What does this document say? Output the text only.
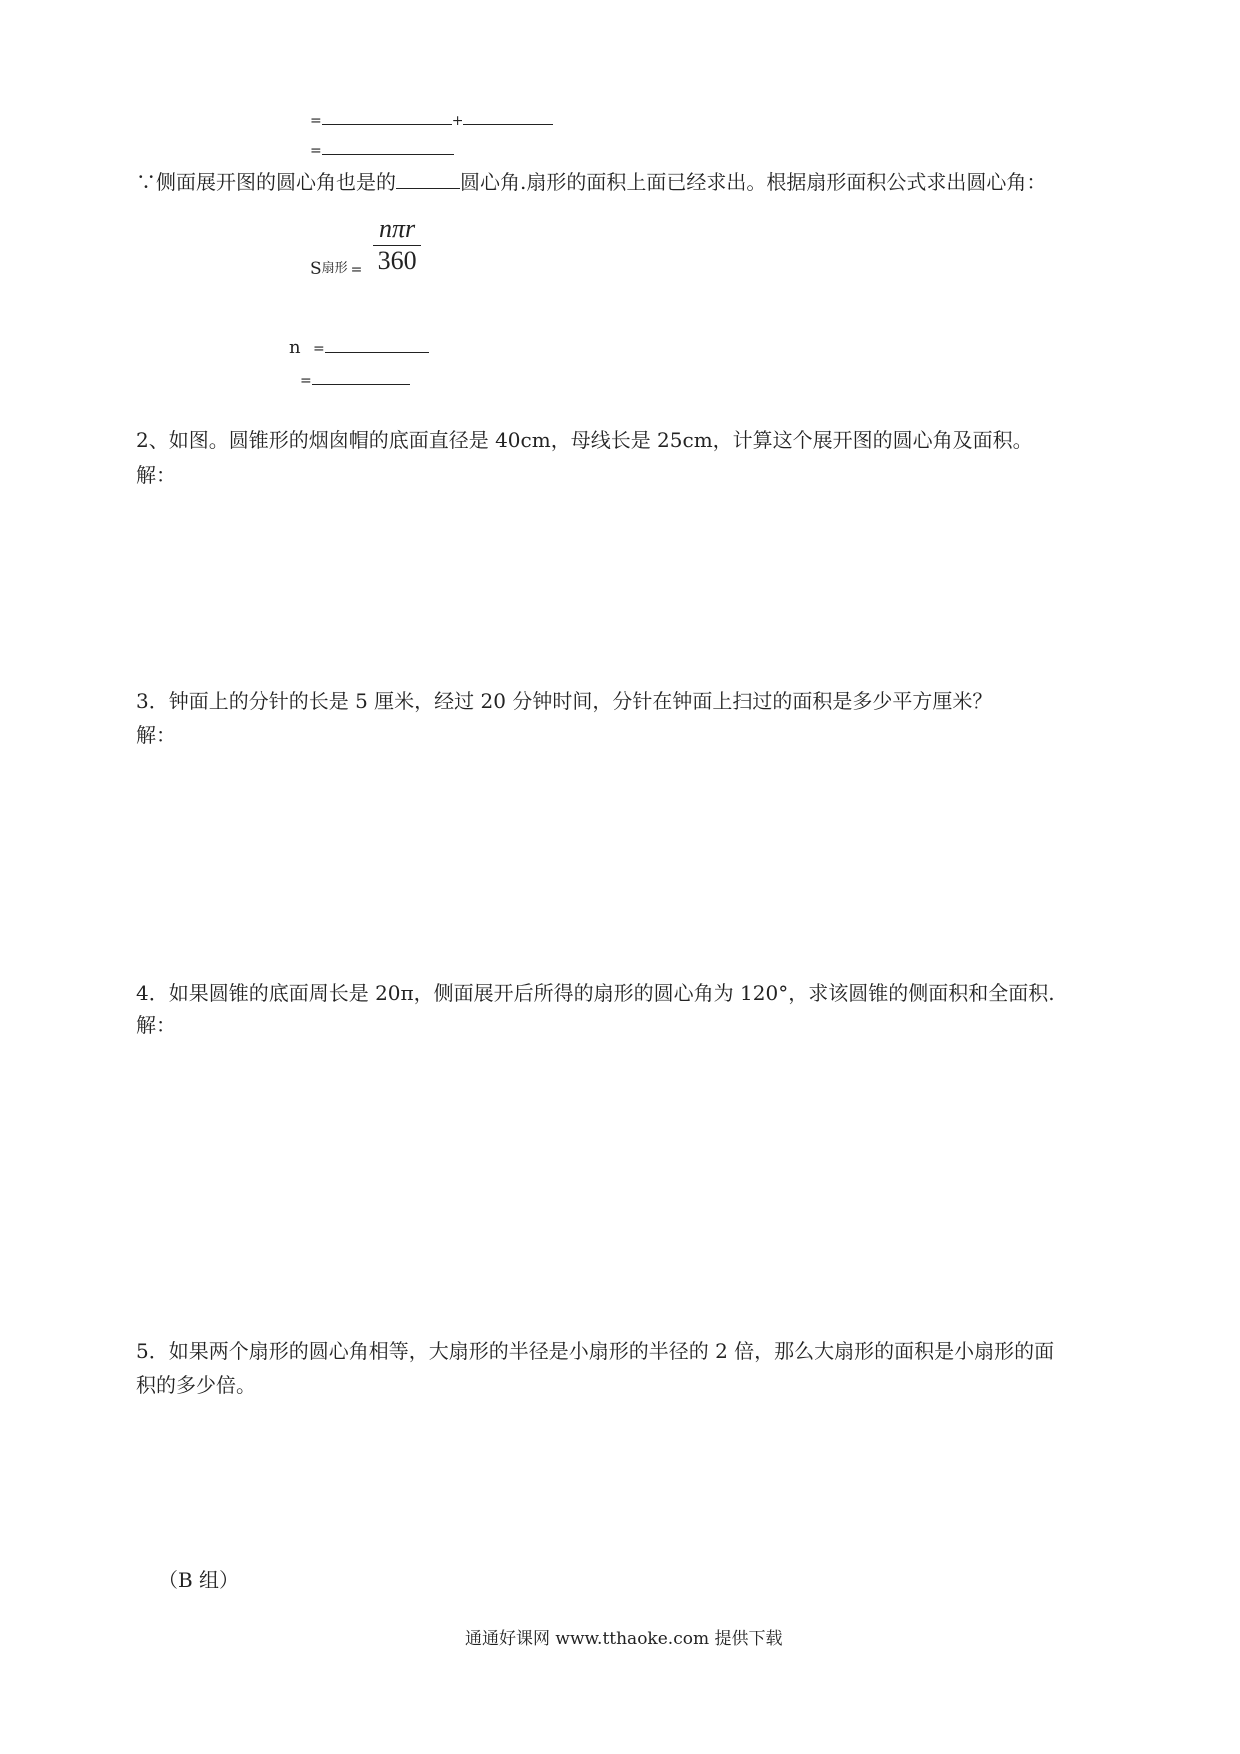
=	+
=
∵侧面展开图的圆心角也是的	圆心角.扇形的面积上面已经求出。根据扇形面积公式求出圆心角：
S扇形 =
nπr
360
n =
=
2、如图。圆锥形的烟囱帽的底面直径是 40cm，母线长是 25cm，计算这个展开图的圆心角及面积。
解：
3．钟面上的分针的长是 5 厘米，经过 20 分钟时间，分针在钟面上扫过的面积是多少平方厘米？
解：
4．如果圆锥的底面周长是 20π，侧面展开后所得的扇形的圆心角为 120°，求该圆锥的侧面积和全面积.
解：
5．如果两个扇形的圆心角相等，大扇形的半径是小扇形的半径的 2 倍，那么大扇形的面积是小扇形的面
积的多少倍。
（B 组）
通通好课网 www.tthaoke.com 提供下载
